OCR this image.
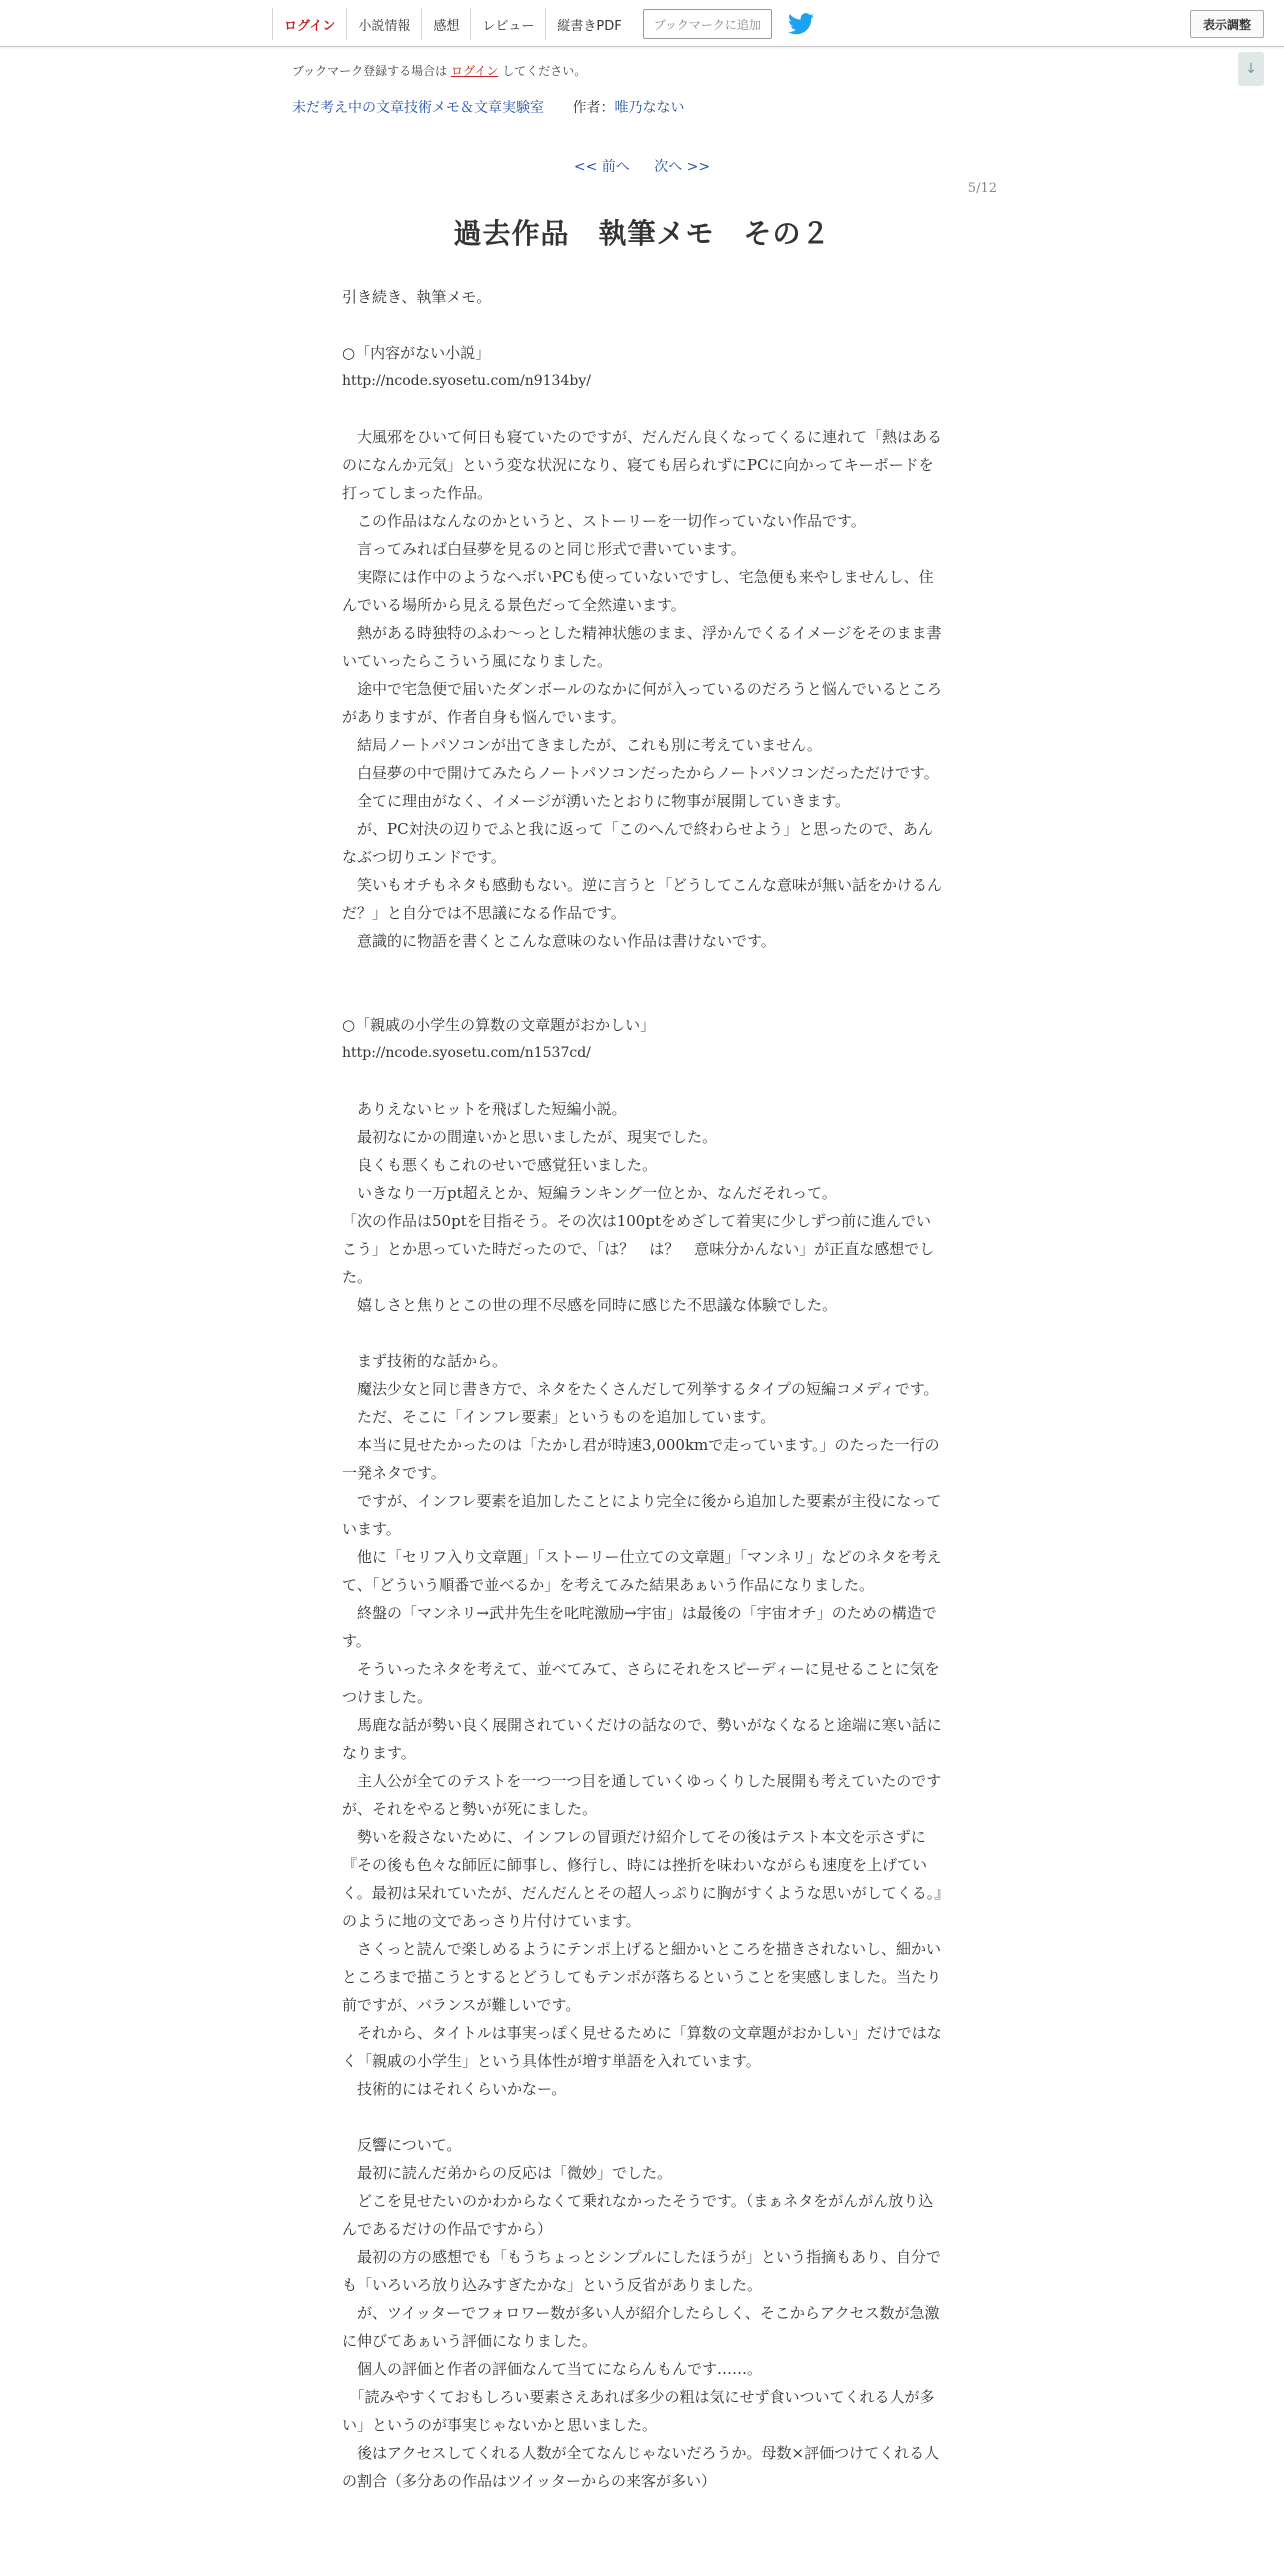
ログイン	小説情報	感想	レビュー	縦書きPDF	ブックマークに追加	表示調整
↓
ブックマーク登録する場合は ログイン してください。
未だ考え中の文章技術メモ＆文章実験室 作者：唯乃なない
<< 前へ 次へ >>
5/12
過去作品　執筆メモ　その２

引き続き、執筆メモ。

○「内容がない小説」

http://ncode.syosetu.com/n9134by/

　大風邪をひいて何日も寝ていたのですが、だんだん良くなってくるに連れて「熱はあるのになんか元気」という変な状況になり、寝ても居られずにPCに向かってキーボードを打ってしまった作品。

　この作品はなんなのかというと、ストーリーを一切作っていない作品です。

　言ってみれば白昼夢を見るのと同じ形式で書いています。

　実際には作中のようなへボいPCも使っていないですし、宅急便も来やしませんし、住んでいる場所から見える景色だって全然違います。

　熱がある時独特のふわ～っとした精神状態のまま、浮かんでくるイメージをそのまま書いていったらこういう風になりました。

　途中で宅急便で届いたダンボールのなかに何が入っているのだろうと悩んでいるところがありますが、作者自身も悩んでいます。

　結局ノートパソコンが出てきましたが、これも別に考えていません。

　白昼夢の中で開けてみたらノートパソコンだったからノートパソコンだっただけです。

　全てに理由がなく、イメージが湧いたとおりに物事が展開していきます。

　が、PC対決の辺りでふと我に返って「このへんで終わらせよう」と思ったので、あんなぶつ切りエンドです。

　笑いもオチもネタも感動もない。逆に言うと「どうしてこんな意味が無い話をかけるんだ？」と自分では不思議になる作品です。

　意識的に物語を書くとこんな意味のない作品は書けないです。

○「親戚の小学生の算数の文章題がおかしい」

http://ncode.syosetu.com/n1537cd/

　ありえないヒットを飛ばした短編小説。

　最初なにかの間違いかと思いましたが、現実でした。

　良くも悪くもこれのせいで感覚狂いました。

　いきなり一万pt超えとか、短編ランキング一位とか、なんだそれって。

「次の作品は50ptを目指そう。その次は100ptをめざして着実に少しずつ前に進んでいこう」とか思っていた時だったので、「は？　は？　意味分かんない」が正直な感想でした。

　嬉しさと焦りとこの世の理不尽感を同時に感じた不思議な体験でした。

　まず技術的な話から。

　魔法少女と同じ書き方で、ネタをたくさんだして列挙するタイプの短編コメディです。

　ただ、そこに「インフレ要素」というものを追加しています。

　本当に見せたかったのは「たかし君が時速3,000kmで走っています。」のたった一行の一発ネタです。

　ですが、インフレ要素を追加したことにより完全に後から追加した要素が主役になっています。

　他に「セリフ入り文章題」「ストーリー仕立ての文章題」「マンネリ」などのネタを考えて、「どういう順番で並べるか」を考えてみた結果あぁいう作品になりました。

　終盤の「マンネリ→武井先生を叱咤激励→宇宙」は最後の「宇宙オチ」のための構造です。

　そういったネタを考えて、並べてみて、さらにそれをスピーディーに見せることに気をつけました。

　馬鹿な話が勢い良く展開されていくだけの話なので、勢いがなくなると途端に寒い話になります。

　主人公が全てのテストを一つ一つ目を通していくゆっくりした展開も考えていたのですが、それをやると勢いが死にました。

　勢いを殺さないために、インフレの冒頭だけ紹介してその後はテスト本文を示さずに『その後も色々な師匠に師事し、修行し、時には挫折を味わいながらも速度を上げていく。最初は呆れていたが、だんだんとその超人っぷりに胸がすくような思いがしてくる。』のように地の文であっさり片付けています。

　さくっと読んで楽しめるようにテンポ上げると細かいところを描きされないし、細かいところまで描こうとするとどうしてもテンポが落ちるということを実感しました。当たり前ですが、バランスが難しいです。

　それから、タイトルは事実っぽく見せるために「算数の文章題がおかしい」だけではなく「親戚の小学生」という具体性が増す単語を入れています。

　技術的にはそれくらいかなー。

　反響について。

　最初に読んだ弟からの反応は「微妙」でした。

　どこを見せたいのかわからなくて乗れなかったそうです。（まぁネタをがんがん放り込んであるだけの作品ですから）

　最初の方の感想でも「もうちょっとシンプルにしたほうが」という指摘もあり、自分でも「いろいろ放り込みすぎたかな」という反省がありました。

　が、ツイッターでフォロワー数が多い人が紹介したらしく、そこからアクセス数が急激に伸びてあぁいう評価になりました。

　個人の評価と作者の評価なんて当てにならんもんです……。

　「読みやすくておもしろい要素さえあれば多少の粗は気にせず食いついてくれる人が多い」というのが事実じゃないかと思いました。

　後はアクセスしてくれる人数が全てなんじゃないだろうか。母数×評価つけてくれる人の割合（多分あの作品はツイッターからの来客が多い）
